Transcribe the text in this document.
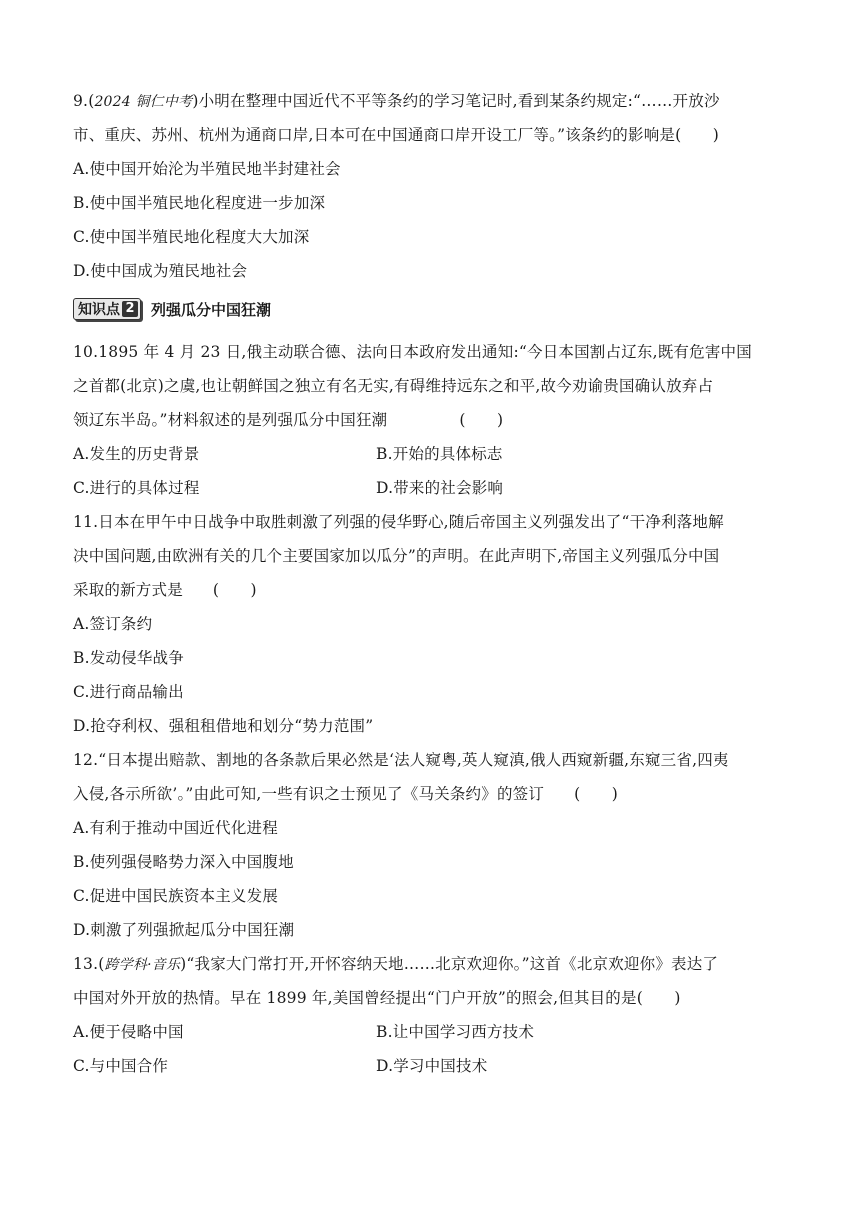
9.(2024 铜仁中考)小明在整理中国近代不平等条约的学习笔记时,看到某条约规定:“……开放沙
市、重庆、苏州、杭州为通商口岸,日本可在中国通商口岸开设工厂等。”该条约的影响是(　　)
A.使中国开始沦为半殖民地半封建社会
B.使中国半殖民地化程度进一步加深
C.使中国半殖民地化程度大大加深
知识点 2 列强瓜分中国狂潮
10.1895 年 4 月 23 日,俄主动联合德、法向日本政府发出通知:“今日本国割占辽东,既有危害中国
之首都(北京)之虞,也让朝鲜国之独立有名无实,有碍维持远东之和平,故今劝谕贵国确认放弃占
领辽东半岛。”材料叙述的是列强瓜分中国狂潮	(　　)
A.发生的历史背景	B.开始的具体标志
C.进行的具体过程	D.带来的社会影响
11.日本在甲午中日战争中取胜刺激了列强的侵华野心,随后帝国主义列强发出了“干净利落地解
决中国问题,由欧洲有关的几个主要国家加以瓜分”的声明。在此声明下,帝国主义列强瓜分中国
采取的新方式是 (　　)
A.签订条约
B.发动侵华战争
C.进行商品输出
D.抢夺利权、强租租借地和划分“势力范围”
12.“日本提出赔款、割地的各条款后果必然是‘法人窥粤,英人窥滇,俄人西窥新疆,东窥三省,四夷
入侵,各示所欲’。”由此可知,一些有识之士预见了《马关条约》的签订 (　　)
A.有利于推动中国近代化进程
B.使列强侵略势力深入中国腹地
C.促进中国民族资本主义发展
D.刺激了列强掀起瓜分中国狂潮
13.(跨学科·音乐)“我家大门常打开,开怀容纳天地……北京欢迎你。”这首《北京欢迎你》表达了
中国对外开放的热情。早在 1899 年,美国曾经提出“门户开放”的照会,但其目的是(　　)
A.便于侵略中国	B.让中国学习西方技术
C.与中国合作	D.学习中国技术
D.使中国成为殖民地社会
